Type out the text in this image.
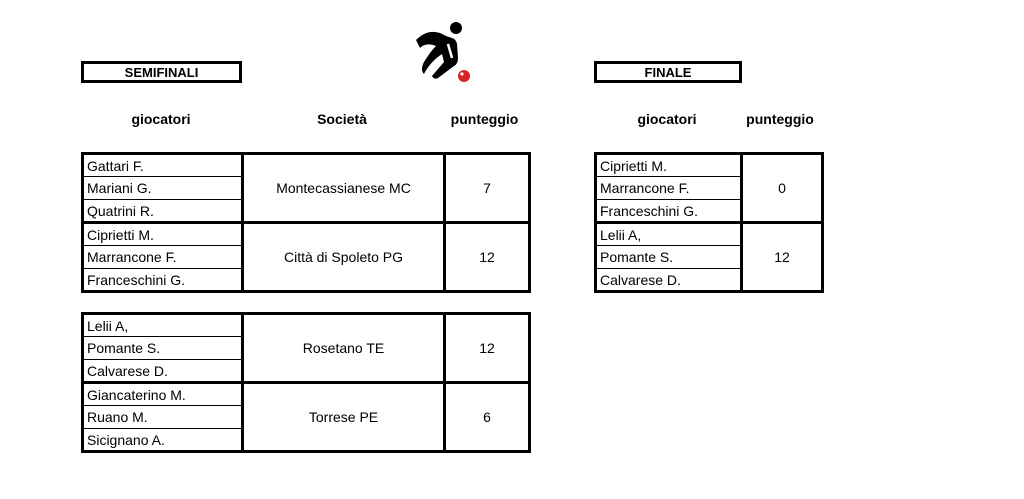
SEMIFINALI	FINALE
giocatori	Società	punteggio	giocatori	punteggio
Gattari F.	Montecassianese MC	7
Mariani G.		
Quatrini R.		
Ciprietti M.	Città di Spoleto PG	12
Marrancone F.		
Franceschini G.		
Lelii A,	Rosetano TE	12
Pomante S.		
Calvarese D.		
Giancaterino M.	Torrese PE	6
Ruano M.		
Sicignano A.		
Ciprietti M.	0
Marrancone F.	
Franceschini G.	
Lelii A,	12
Pomante S.	
Calvarese D.	
